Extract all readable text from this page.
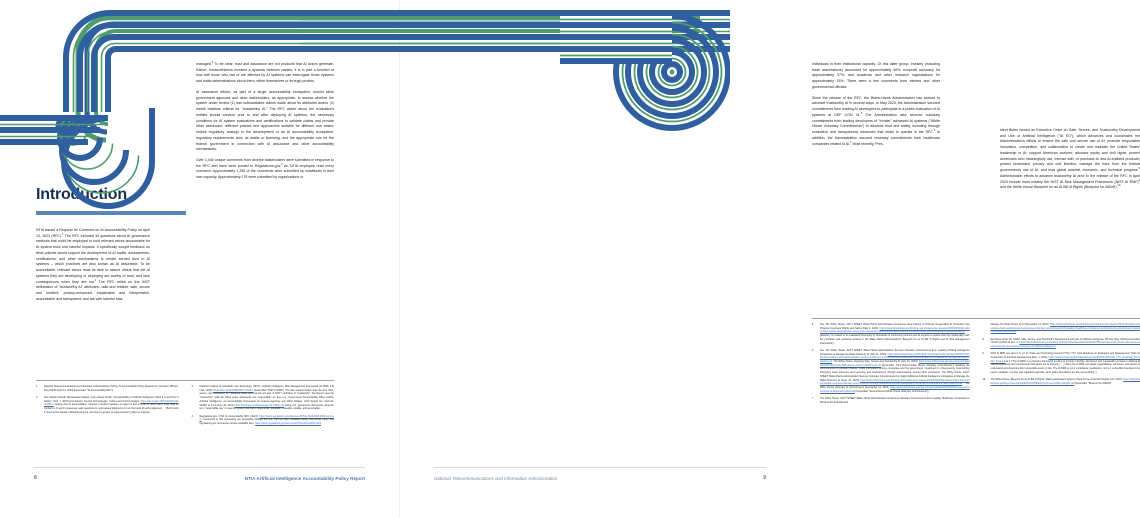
Introduction
NTIA issued a Request for Comment on AI Accountability Policy on April 13, 2023 (RFC).$^1$ The RFC included 34 questions about AI governance methods that could be employed to hold relevant actors accountable for AI system risks and harmful impacts. It specifically sought feedback on what policies would support the development of AI audits, assessments, certifications, and other mechanisms to create earned trust in AI systems – which practices are also known as AI assurance. To be accountable, relevant actors must be able to assure others that the AI systems they are developing or deploying are worthy of trust, and face consequences when they are not.$^2$ The RFC relied on the NIST delineation of "trustworthy AI" attributes: valid and reliable, safe, secure and resilient, privacy-enhanced, explainable and interpretable, accountable and transparent, and fair with harmful bias
managed.$^3$ To be clear, trust and assurance are not products that AI actors generate. Rather, trustworthiness involves a dynamic between parties; it is in part a function of how well those who use or are affected by AI systems can interrogate those systems and make determinations about them, either themselves or through proxies.
AI assurance efforts, as part of a larger accountability ecosystem, should allow government agencies and other stakeholders, as appropriate, to assess whether the system under review (1) has substantiated claims made about its attributes and/or (2) meets baseline criteria for "trustworthy AI." The RFC asked about the evaluations entities should conduct prior to and after deploying AI systems; the necessary conditions for AI system evaluations and certifications to validate claims and provide other assurance; different policies and approaches suitable for different use cases; helpful regulatory analogs in the development of an AI accountability ecosystem; regulatory requirements such as audits or licensing; and the appropriate role for the federal government in connection with AI assurance and other accountability mechanisms.
Over 1,440 unique comments from diverse stakeholders were submitted in response to the RFC and have been posted to Regulations.gov.$^4$ An NTIA employee read every comment. Approximately 1,250 of the comments were submitted by individuals in their own capacity. Approximately 175 were submitted by organizations or
1	National Telecommunications and Information Administration (NTIA), AI Accountability Policy Request for Comment, 88 Fed. Reg 22433 (April 13, 2023) [hereinafter "AI Accountability RFC"].
2	See Claudio Novelli, Mariarosaria Taddeo, and Luciano Floridi, "Accountability in Artificial Intelligence: What It is and How It Works," (Feb. 7, 2023) AI & Society: Journal of Knowledge, Culture and Communication, https://doi.org/10.1007/s00146-023-01635-y (stating that AI accountability "denotes a relation between an agent A and a forum F, such that A must fulfill its conduct to F, and F possesses, asks questions to, and passes judgment on A on the basis of such judgement . . . Both A and F need not be natural, individual persons, and may be groups or legal persons") (italics in original).
3	National Institute of Standards and Technology (NIST), Artificial Intelligence Risk Management Framework (AI RMF 1.0) (Jan. 2023), https://doi.org/10.6028/NIST.AI.100-1 [hereinafter "NIST AI RMF"]. The later adopted AI EO uses the term "safe, secure, and trustworthy AI." Because safety and security are part of NIST's definition of "trustworthy," this Report uses the "trustworthy" catch-all. Other policy documents use "responsible" AI. See, e.g., Government Accountability Office (GAO), Artificial Intelligence: An Accountability Framework for Federal Agencies and Other Entities, GAO Report No. GAO-21-519SP, at 24-4 (June 30, 2021) https://www.gao.gov/assets/gao-21-519sp.pdf (citing U.S. government documents using the term "responsible use" to mean AI system use that is responsible, equitable, traceable, reliable, and governable).
4	Regulations.gov, NTIA AI Accountability RFC (2023), https://www.regulations.gov/document/NTIA-2023-0005-0001/comment. Comments in this proceeding are accessible through this link, with an index available linking commenter name with regulations.gov commenter number available here: https://www.regulations.gov/document/NTIA-2023-0005-1452.
8	NTIA Artificial Intelligence Accountability Policy Report
individuals in their institutional capacity. Of this latter group, industry (including trade associations) accounted for approximately 48%, nonprofit advocacy for approximately 37%, and academic and other research organizations for approximately 15%. There were a few comments from elected and other governmental officials.
Since the release of the RFC, the Biden-Harris Administration has worked to advance trustworthy AI in several ways. In May 2023, the Administration secured commitments from leading AI developers to participate in a public evaluation of AI systems at DEF CON 31.$^5$ The Administration also secured voluntary commitments from leading developers of "frontier" advanced AI systems ("White House Voluntary Commitments") to advance trust and safety, including through evaluation and transparency measures that relate to queries in the RFC.$^6$ In addition, the Administration secured voluntary commitments from healthcare companies related to AI.$^7$ Most recently, Pres-
ident Biden issued an Executive Order on Safe, Secure, and Trustworthy Development and Use of Artificial Intelligence ("AI EO"), which advances and coordinates the Administration's efforts to ensure the safe and secure use of AI; promote responsible innovation, competition, and collaboration to create and maintain the United States' leadership in AI; support American workers; advance equity and civil rights; protect Americans who meaningfully use, interact with, or purchase AI and AI-enabled products; protect Americans' privacy and civil liberties; manage the risks from the federal government's use of AI; and lead global societal, economic, and technical progress.$^8$ Administration efforts to advance trustworthy AI prior to the release of the RFC in April 2023 include most notably the NIST AI Risk Management Framework (NIST AI RMF)$^9$ and the White House Blueprint for an AI Bill of Rights (Blueprint for AIBoR).$^{10}$
5	See The White House, FACT SHEET: Biden-Harris Administration Announces New Actions to Promote Responsible AI Innovation that Protects Americans' Rights and Safety (May 4, 2023), https://www.whitehouse.gov/briefing-room/statements-releases/2023/05/04/fact-sheet-biden-harris-administration-announces-new-actions-to-promote-responsible-ai-innovation-that-protects-americans-rights-and-safety/ (allowing "AI models to be evaluated thoroughly by thousands of community partners and AI experts to explore how the models align with the principles and practices outlined in the Biden-Harris Administration's Blueprint for an AI Bill of Rights and AI Risk Management Framework").
6	See The White House, FACT SHEET: Biden-Harris Administration Secures Voluntary Commitments from Leading Artificial Intelligence Companies to Manage the Risks Posed by AI (July 21, 2023), https://www.whitehouse.gov/briefing-room/statements-releases/2023/07/21/fact-sheet-biden-harris-administration-secures-voluntary-commitments-from-leading-artificial-intelligence-companies-to-manage-the-risks-posed-by-ai/; The White House, Ensuring Safe, Secure and Trustworthy AI (July 21, 2023), https://www.whitehouse.gov/wp-content/uploads/2023/07/Ensuring-Safe-Secure-and-Trustworthy-AI.pdf [hereinafter "First Round White House Voluntary Commitments"] (detailing the commitments to red-team models, share information among companies and the government, investment in cybersecurity, incentivizing third-party issue discovery and reporting, and transparency through watermarking, among other provisions). The White House, FACT SHEET: Biden-Harris Administration Secures Voluntary Commitments from Eight Additional Artificial Intelligence Companies to Manage the Risks Posed by AI (Sept. 12, 2023), https://www.whitehouse.gov/briefing-room/statements-releases/2023/09/12/fact-sheet-biden-harris-administration-secures-voluntary-commitments-from-eight-additional-artificial-intelligence-companies-to-manage-the-risks-posed-by-ai/; The White House Voluntary AI Commitments (September 12, 2023), https://www.whitehouse.gov/wp-content/uploads/2023/09/Voluntary-AI-Commitments-September-2023.pdf [hereinafter "Second Round White House Voluntary Commitments"].
7	The White House, FACT SHEET: Biden-Harris Administration Announces Voluntary Commitments from Leading Healthcare Companies to Harness the Potential and
Manage the Risks Posed by AI (December 14, 2023), https://www.whitehouse.gov/briefing-room/statements-releases/2023/12/14/fact-sheet-biden-harris-administration-announces-voluntary-commitments-from-leading-healthcare-companies-to-harness-the-potential-and-manage-the-risks-posed-by-ai/.
8	Executive Order No. 14110, Safe, Secure, and Trustworthy Development and Use of Artificial Intelligence, 88 Fed. Reg. 75191 [hereinafter "AI EO"] (2023) at Sec. 2, https://www.whitehouse.gov/briefing-room/presidential-actions/2023/10/30/executive-order-on-the-safe-secure-and-trustworthy-development-and-use-of-artificial-intelligence/.
9	NIST AI RMF, see also U.S. C.I.O. Trade and Technology Council (TTC), TTC Joint Roadmap on Evaluation and Measurement Tools for Trustworthy AI and Risk Management (Dec. 1, 2022), https://www.nist.gov/system/files/documents/2022/12/04/Joint_TTC_Roadmap_Dec2022_Final.pdf at 3 ("The AI RMF is a voluntary framework seeking to provide a flexible, structured, and measurable process to address AI risks prospectively and continuously throughout the AI lifecycle [. . .] Using the AI RMF can assist organizations, industries, and society to understand and determine their acceptable levels of risk. The AI RMF is not a compliance mechanism, nor is it a checklist intended to be used in isolation. It is law- and regulation-agnostic, as AI policy discussions are live and evolving.").
10	The White House, Blueprint for an AI Bill of Rights: Making Automated Systems Work for the American People (Oct. 2022), https://www.whitehouse.gov/wp-content/uploads/2022/10/Blueprint-for-an-AI-Bill-of-Rights.pdf [hereinafter "Blueprint for AIBoR"].
National Telecommunications and Information Administration	9
